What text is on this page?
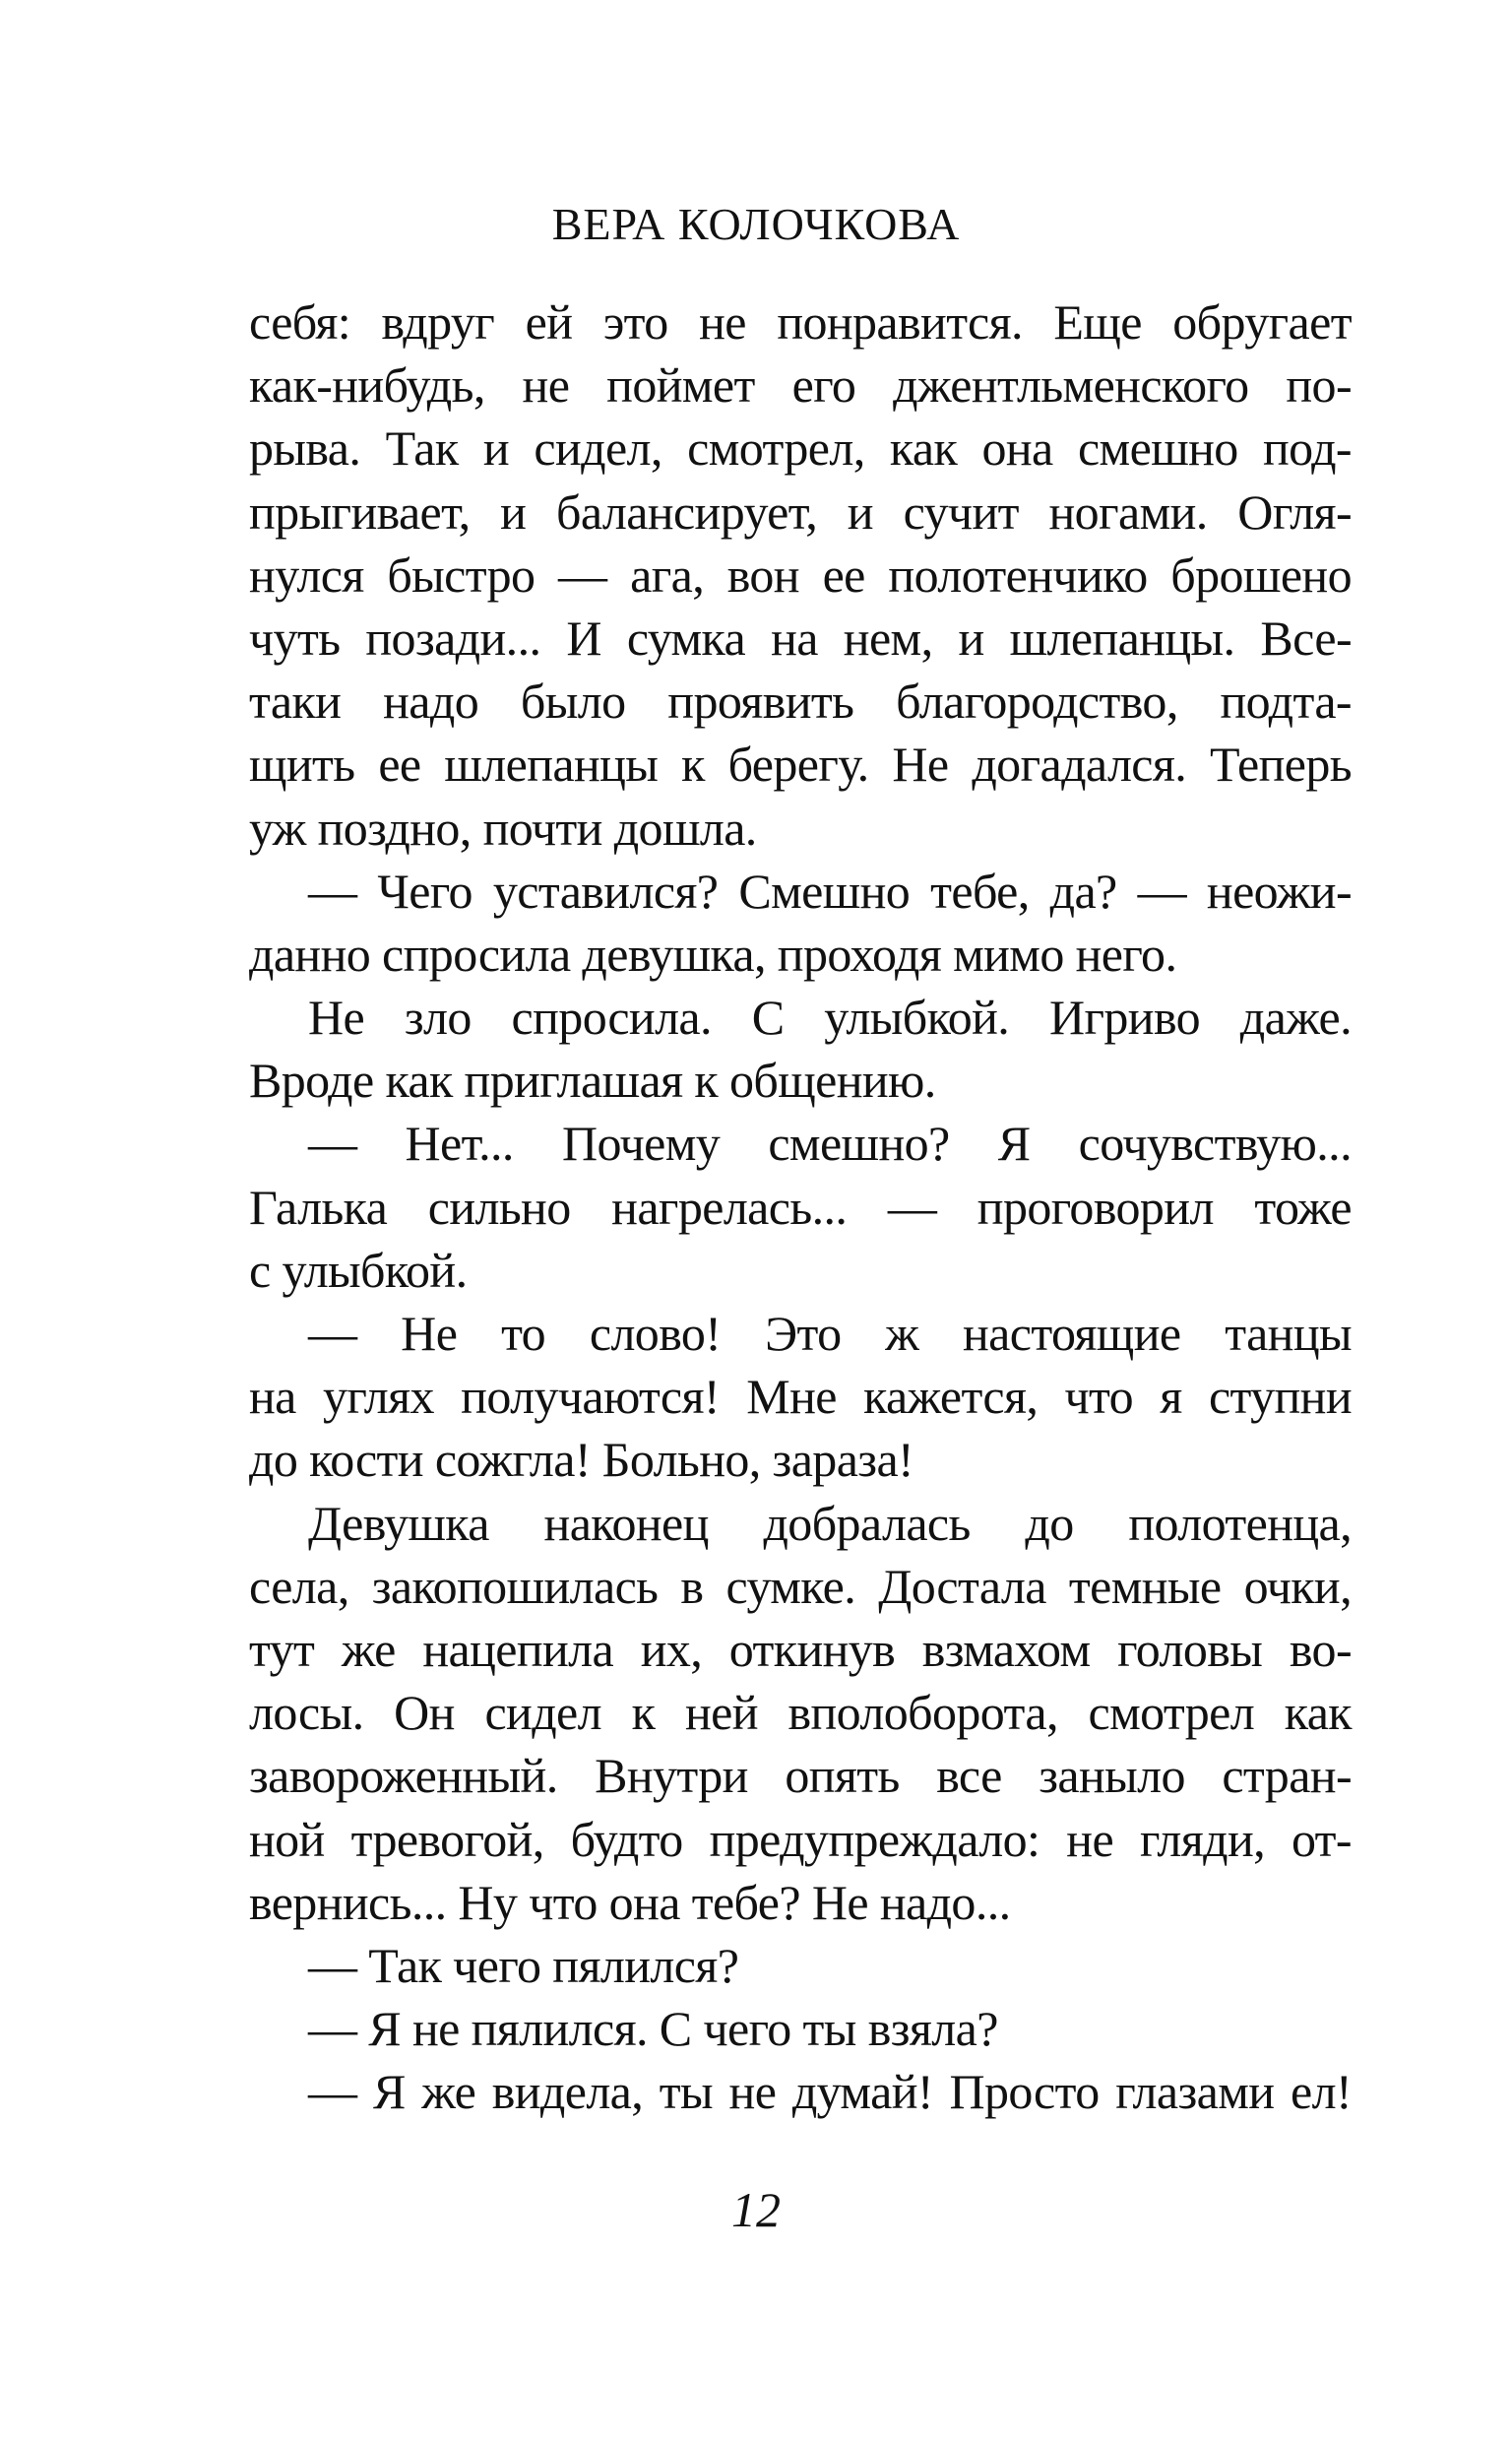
ВЕРА КОЛОЧКОВА
себя: вдруг ей это не понравится. Еще обругает
как-нибудь, не поймет его джентльменского по-
рыва. Так и сидел, смотрел, как она смешно под-
прыгивает, и балансирует, и сучит ногами. Огля-
нулся быстро — ага, вон ее полотенчико брошено
чуть позади... И сумка на нем, и шлепанцы. Все-
таки надо было проявить благородство, подта-
щить ее шлепанцы к берегу. Не догадался. Теперь
уж поздно, почти дошла.
— Чего уставился? Смешно тебе, да? — неожи-
данно спросила девушка, проходя мимо него.
Не зло спросила. С улыбкой. Игриво даже.
Вроде как приглашая к общению.
— Нет... Почему смешно? Я сочувствую...
Галька сильно нагрелась... — проговорил тоже
с улыбкой.
— Не то слово! Это ж настоящие танцы
на углях получаются! Мне кажется, что я ступни
до кости сожгла! Больно, зараза!
Девушка наконец добралась до полотенца,
села, закопошилась в сумке. Достала темные очки,
тут же нацепила их, откинув взмахом головы во-
лосы. Он сидел к ней вполоборота, смотрел как
завороженный. Внутри опять все заныло стран-
ной тревогой, будто предупреждало: не гляди, от-
вернись... Ну что она тебе? Не надо...
— Так чего пялился?
— Я не пялился. С чего ты взяла?
— Я же видела, ты не думай! Просто глазами ел!
12
